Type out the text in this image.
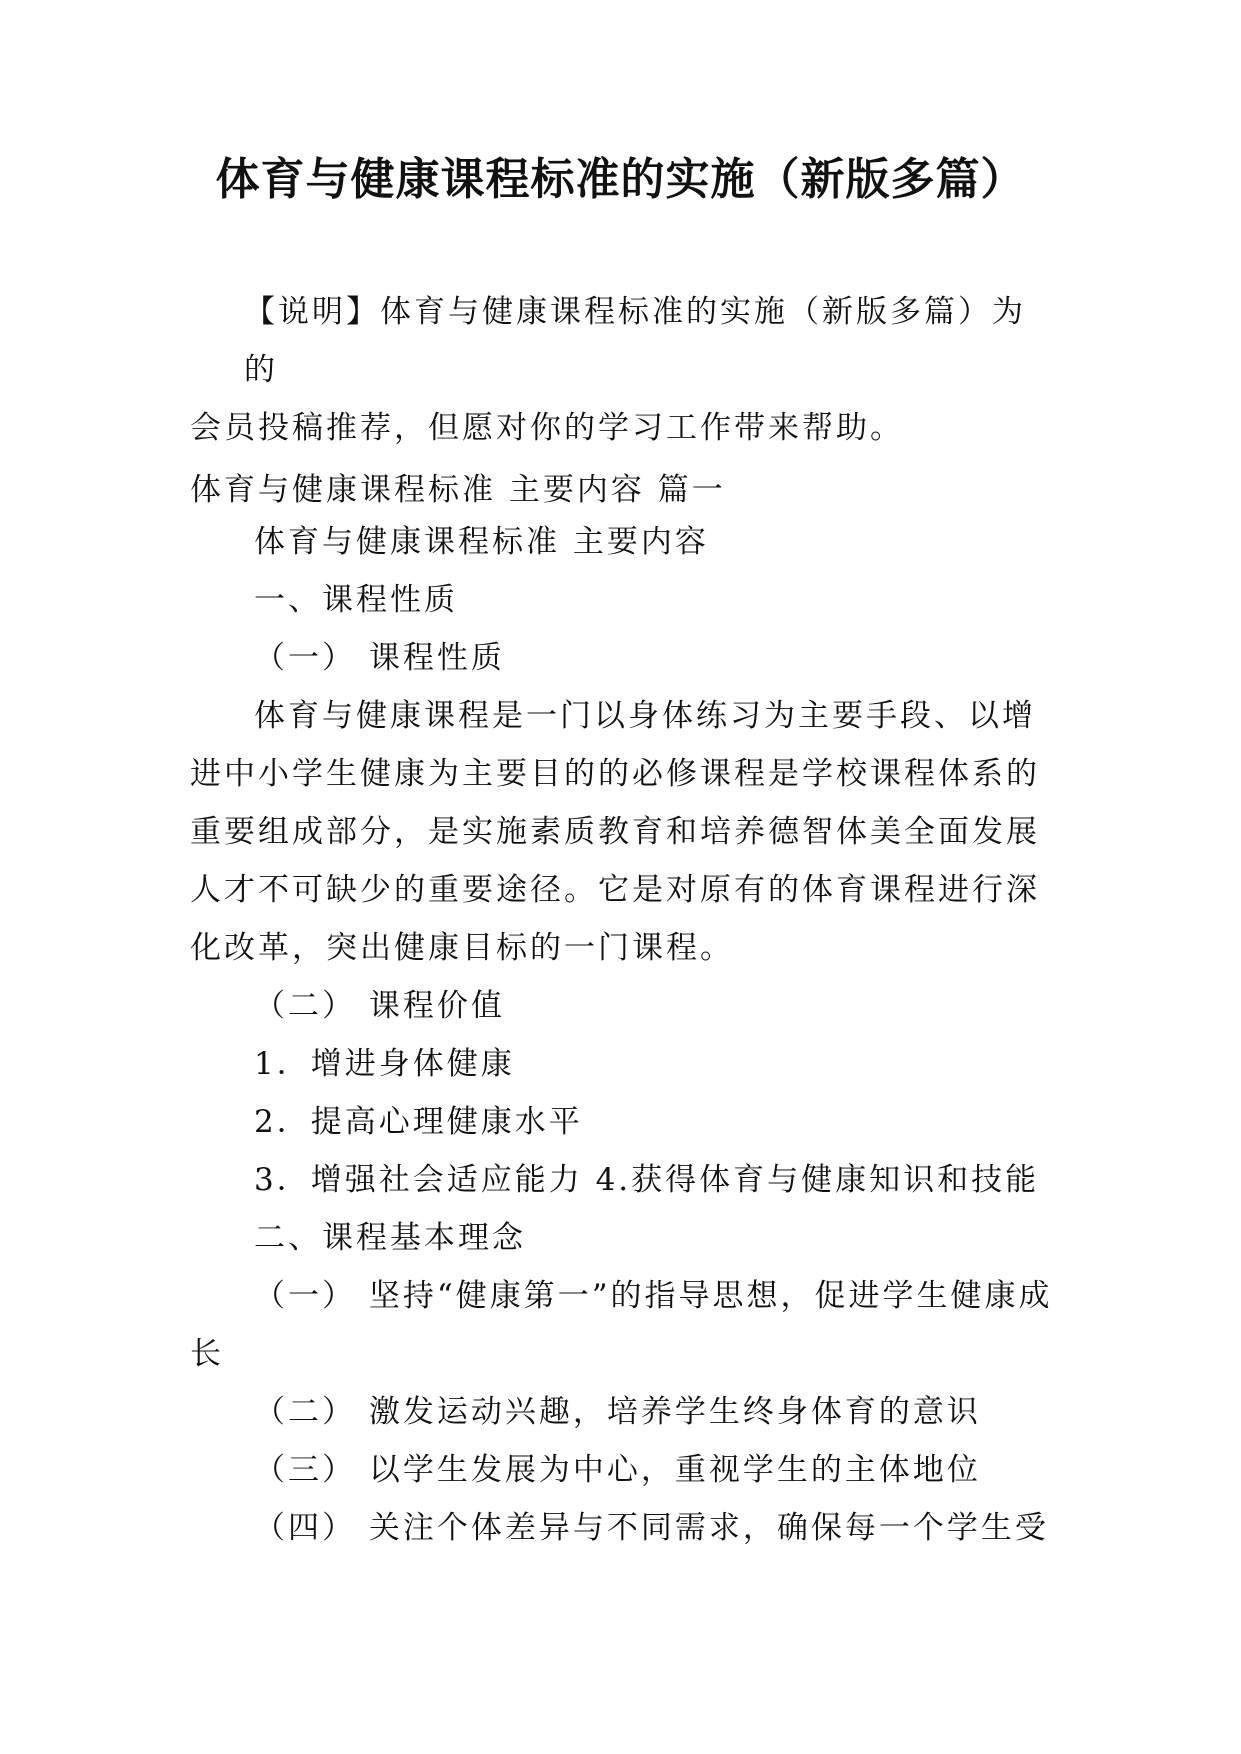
体育与健康课程标准的实施（新版多篇）

【说明】体育与健康课程标准的实施（新版多篇）为的

会员投稿推荐，但愿对你的学习工作带来帮助。

体育与健康课程标准 主要内容 篇一

体育与健康课程标准 主要内容

一、课程性质

（一） 课程性质

体育与健康课程是一门以身体练习为主要手段、以增进中小学生健康为主要目的的必修课程是学校课程体系的重要组成部分，是实施素质教育和培养德智体美全面发展人才不可缺少的重要途径。它是对原有的体育课程进行深化改革，突出健康目标的一门课程。

（二） 课程价值

1．增进身体健康

2．提高心理健康水平

3．增强社会适应能力 4.获得体育与健康知识和技能

二、课程基本理念

（一） 坚持“健康第一”的指导思想，促进学生健康成长

（二） 激发运动兴趣，培养学生终身体育的意识

（三） 以学生发展为中心，重视学生的主体地位

（四） 关注个体差异与不同需求，确保每一个学生受
